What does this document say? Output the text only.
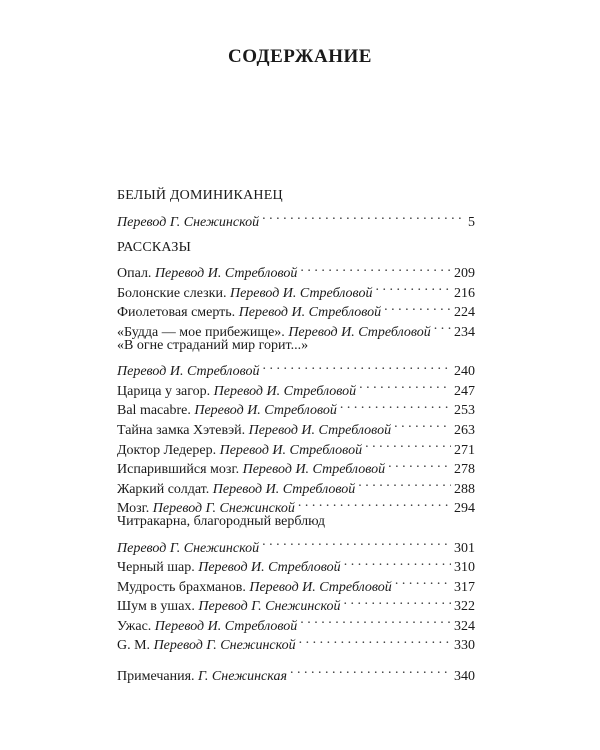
СОДЕРЖАНИЕ
БЕЛЫЙ ДОМИНИКАНЕЦ
Перевод Г. Снежинской . . .	5
РАССКАЗЫ
Опал. Перевод И. Стребловой . . .	209
Болонские слезки. Перевод И. Стребловой . . .	216
Фиолетовая смерть. Перевод И. Стребловой . . .	224
«Будда — мое прибежище». Перевод И. Стребловой . . . 234
«В огне страданий мир горит...»
Перевод И. Стребловой . . .	240
Царица у загор. Перевод И. Стребловой . . .	247
Bal macabre. Перевод И. Стребловой . . .	253
Тайна замка Хэтевэй. Перевод И. Стребловой . . .	263
Доктор Ледерер. Перевод И. Стребловой . . .	271
Испарившийся мозг. Перевод И. Стребловой . . .	278
Жаркий солдат. Перевод И. Стребловой . . .	288
Мозг. Перевод Г. Снежинской . . .	294
Читракарна, благородный верблюд
Перевод Г. Снежинской . . .	301
Черный шар. Перевод И. Стребловой . . .	310
Мудрость брахманов. Перевод И. Стребловой . . .	317
Шум в ушах. Перевод Г. Снежинской . . .	322
Ужас. Перевод И. Стребловой . . .	324
G. M. Перевод Г. Снежинской . . .	330
Примечания. Г. Снежинская . . .	340
